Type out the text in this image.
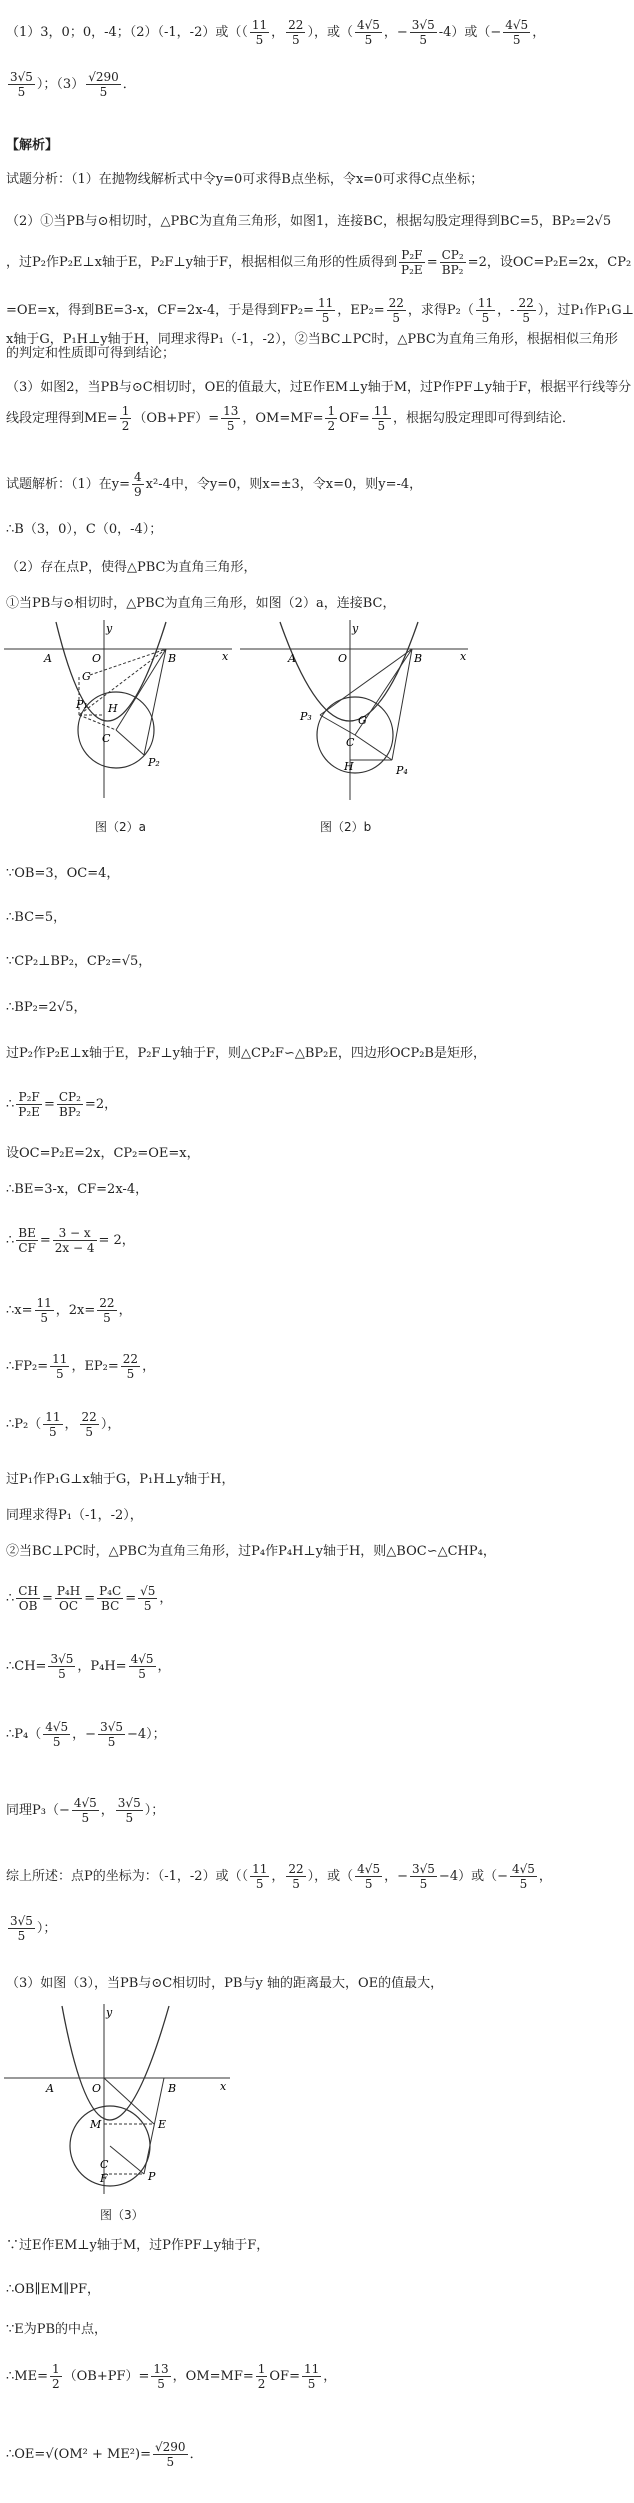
（1）3，0；0，-4；（2）（-1，-2）或（（ $\frac{11}{5}$ ， $\frac{22}{5}$ ），或（ $\frac{4√5}{5}$ ，− $\frac{3√5}{5} -4$）或（− $\frac{4√5}{5}$ ，
$\frac{3√5}{5}$ ）；$(3) \frac{√290}{5}$ ．
【解析】
试题分析：（1）在抛物线解析式中令y=0可求得B点坐标，令x=0可求得C点坐标；
（2）①当PB与⊙相切时，△PBC为直角三角形，如图1，连接BC，根据勾股定理得到BC=5，BP₂=2√5
，过P₂作P₂E⊥x轴于E，P₂F⊥y轴于F，根据相似三角形的性质得到 $\frac{\text{P₂F}}{\text{P₂E}} = \frac{\text{CP₂}}{\text{BP₂}} =2$，设OC=P₂E=2x，CP₂
=OE=x，得到BE=3-x，CF=2x-4，于是得到$FP_2= \frac{11}{5}$ ，$EP_2= \frac{22}{5}$ ，求得$P_2( \frac{11}{5}$ ，- $\frac{22}{5}$ ），过P₁作P₁G⊥
x轴于G，P₁H⊥y轴于H，同理求得P₁（-1，-2），②当BC⊥PC时，△PBC为直角三角形，根据相似三角形
的判定和性质即可得到结论；
（3）如图2，当PB与⊙C相切时，OE的值最大，过E作EM⊥y轴于M，过P作PF⊥y轴于F，根据平行线等分
线段定理得到$ME= \frac{1}{2} (OB+PF)= \frac{13}{5}$ ，$OM=MF= \frac{1}{2} OF= \frac{11}{5}$ ，根据勾股定理即可得到结论．
试题解析：（1）在$y= \frac{4}{9} x^2-4$中，令y=0，则x=±3，令x=0，则y=-4，
∴B（3，0），C（0，-4）；
（2）存在点P，使得△PBC为直角三角形，
①当PB与⊙相切时，△PBC为直角三角形，如图（2）a，连接BC，
y
x
O
A	B
G
H
P₁
C
P₂
图（2）a
y
x
O
A	B
P₃	G
C
H	P₄
图（2）b
∵OB=3，OC=4，
∴BC=5，
∵CP₂⊥BP₂，CP₂=√5，
∴BP₂=2√5，
过P₂作P₂E⊥x轴于E，P₂F⊥y轴于F，则△CP₂F∽△BP₂E，四边形OCP₂B是矩形，
∴ $\frac{\text{P₂F}}{\text{P₂E}} = \frac{\text{CP₂}}{\text{BP₂}} =2$，
设OC=P₂E=2x，CP₂=OE=x，
∴BE=3-x，CF=2x-4，
∴ $\frac{BE}{CF} = \frac{3 - x}{2x - 4} = 2$，
∴x= $\frac{11}{5}$ ，$2x= \frac{22}{5}$ ，
∴FP₂= $\frac{11}{5}$ ，$EP_2= \frac{22}{5}$ ，
∴P₂（ $\frac{11}{5}$ ， $\frac{22}{5}$ ），
过P₁作P₁G⊥x轴于G，P₁H⊥y轴于H，
同理求得P₁（-1，-2），
②当BC⊥PC时，△PBC为直角三角形，过P₄作P₄H⊥y轴于H，则△BOC∽△CHP₄，
∴ $\frac{CH}{OB} = \frac{\text{P₄H}}{OC} = \frac{\text{P₄C}}{BC} = \frac{√5}{5}$ ，
∴CH= $\frac{3√5}{5}$ ，$P_4H= \frac{4√5}{5}$ ，
∴P₄（ $\frac{4√5}{5}$ ，− $\frac{3√5}{5} -4$）；
同理$P_3(- \frac{4√5}{5}$ ， $\frac{3√5}{5}$ ）；
综上所述：点P的坐标为：（-1，-2）或（（ $\frac{11}{5}$ ， $\frac{22}{5}$ ），或（ $\frac{4√5}{5}$ ，− $\frac{3√5}{5} -4$）或（− $\frac{4√5}{5}$ ，
$\frac{3√5}{5}$ ）；
（3）如图（3），当PB与⊙C相切时，PB与y 轴的距离最大，OE的值最大，
y
x
O
A	B
M	E
C
F	P
图（3）
∵过E作EM⊥y轴于M，过P作PF⊥y轴于F，
∴OB∥EM∥PF，
∵E为PB的中点，
∴ME= $\frac{1}{2} (OB+PF)= \frac{13}{5}$ ，$OM=MF= \frac{1}{2} OF= \frac{11}{5}$ ，
∴OE=√(OM² + $ME^2)= \frac{√290}{5}$ ．
